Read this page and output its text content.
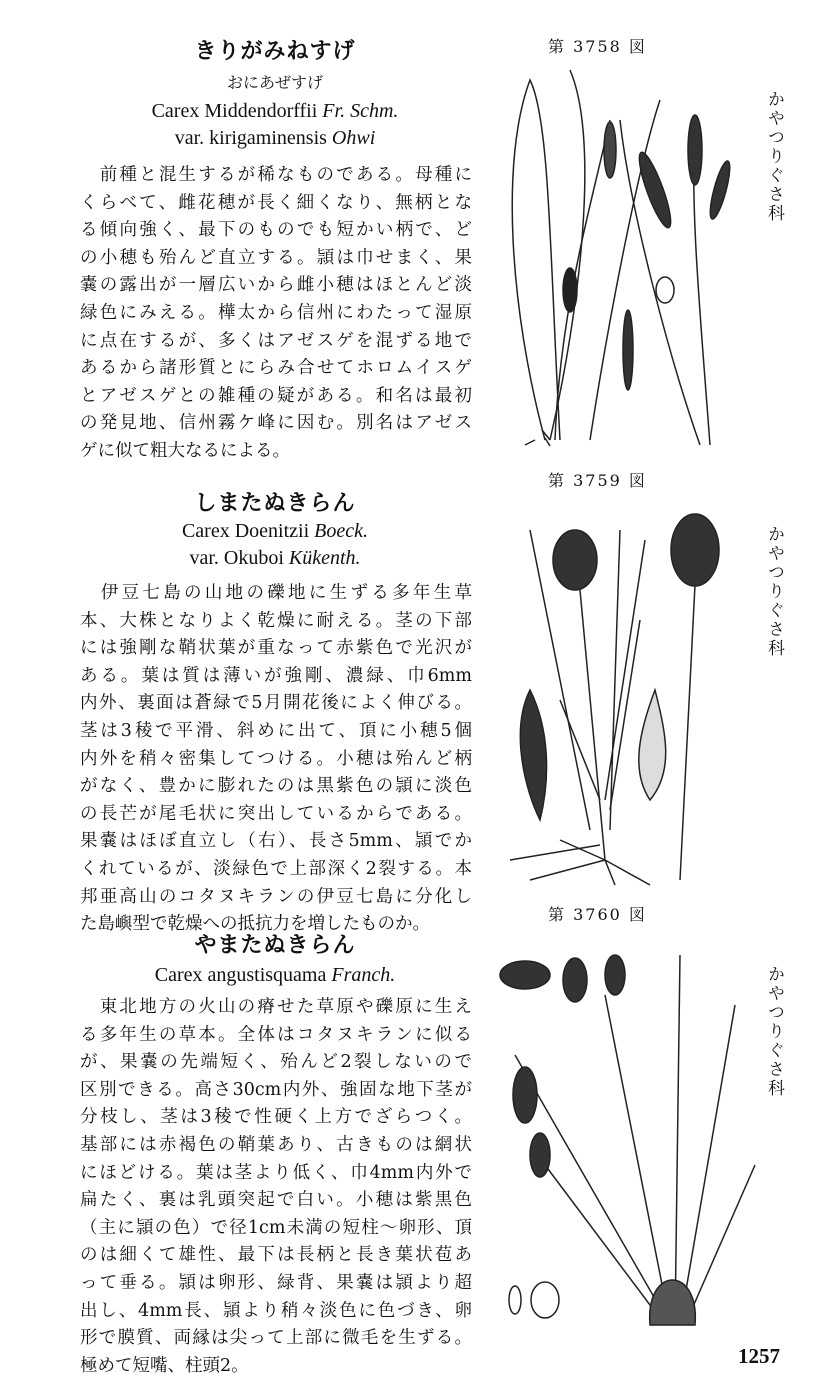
きりがみねすげ
おにあぜすげ
Carex Middendorffii Fr. Schm.
var. kirigaminensis Ohwi
　前種と混生するが稀なものである。母種に
くらべて、雌花穂が長く細くなり、無柄とな
る傾向強く、最下のものでも短かい柄で、ど
の小穂も殆んど直立する。頴は巾せまく、果
嚢の露出が一層広いから雌小穂はほとんど淡
緑色にみえる。樺太から信州にわたって湿原
に点在するが、多くはアゼスゲを混ずる地で
あるから諸形質とにらみ合せてホロムイスゲ
とアゼスゲとの雑種の疑がある。和名は最初
の発見地、信州霧ケ峰に因む。別名はアゼス
ゲに似て粗大なるによる。
しまたぬきらん
Carex Doenitzii Boeck.
var. Okuboi Kükenth.
　伊豆七島の山地の礫地に生ずる多年生草
本、大株となりよく乾燥に耐える。茎の下部
には強剛な鞘状葉が重なって赤紫色で光沢が
ある。葉は質は薄いが強剛、濃緑、巾6mm
内外、裏面は蒼緑で5月開花後によく伸びる。
茎は3稜で平滑、斜めに出て、頂に小穂5個
内外を稍々密集してつける。小穂は殆んど柄
がなく、豊かに膨れたのは黒紫色の頴に淡色
の長芒が尾毛状に突出しているからである。
果嚢はほぼ直立し（右）、長さ5mm、頴でか
くれているが、淡緑色で上部深く2裂する。本
邦亜高山のコタヌキランの伊豆七島に分化し
た島嶼型で乾燥への抵抗力を増したものか。
やまたぬきらん
Carex angustisquama Franch.
　東北地方の火山の瘠せた草原や礫原に生え
る多年生の草本。全体はコタヌキランに似る
が、果嚢の先端短く、殆んど2裂しないので
区別できる。高さ30cm内外、強固な地下茎が
分枝し、茎は3稜で性硬く上方でざらつく。
基部には赤褐色の鞘葉あり、古きものは網状
にほどける。葉は茎より低く、巾4mm内外で
扁たく、裏は乳頭突起で白い。小穂は紫黒色
（主に頴の色）で径1cm未満の短柱〜卵形、頂
のは細くて雄性、最下は長柄と長き葉状苞あ
って垂る。頴は卵形、緑背、果嚢は頴より超
出し、4mm長、頴より稍々淡色に色づき、卵
形で膜質、両縁は尖って上部に微毛を生ずる。
極めて短嘴、柱頭2。
第 3758 図
第 3759 図
第 3760 図
かやつりぐさ科
かやつりぐさ科
かやつりぐさ科
1257
